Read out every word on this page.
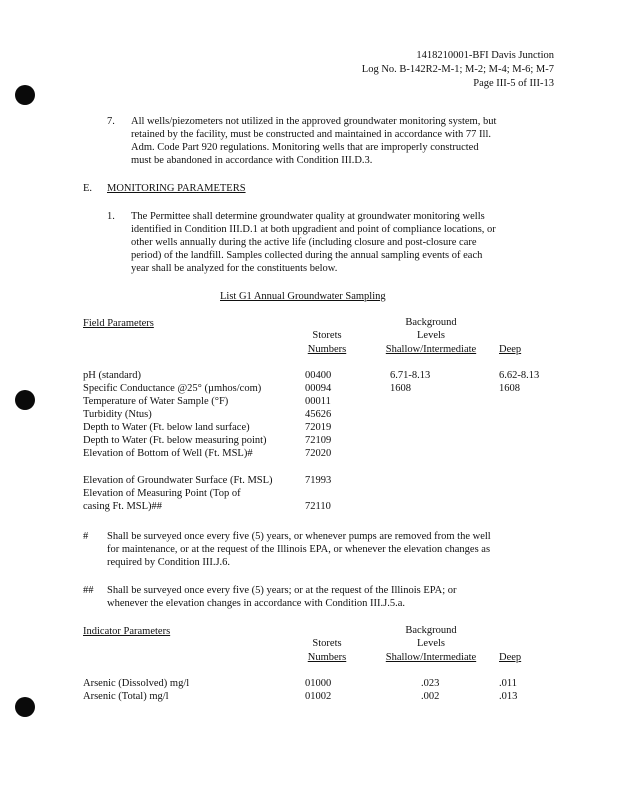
1418210001-BFI Davis Junction
Log No. B-142R2-M-1; M-2; M-4; M-6; M-7
Page III-5 of III-13
7. All wells/piezometers not utilized in the approved groundwater monitoring system, but
retained by the facility, must be constructed and maintained in accordance with 77 Ill.
Adm. Code Part 920 regulations. Monitoring wells that are improperly constructed
must be abandoned in accordance with Condition III.D.3.
E. MONITORING PARAMETERS
1. The Permittee shall determine groundwater quality at groundwater monitoring wells
identified in Condition III.D.1 at both upgradient and point of compliance locations, or
other wells annually during the active life (including closure and post-closure care
period) of the landfill. Samples collected during the annual sampling events of each
year shall be analyzed for the constituents below.
List G1 Annual Groundwater Sampling
Field Parameters
Storets
Numbers
Background
Levels
Shallow/Intermediate	Deep
pH (standard)	00400	6.71-8.13	6.62-8.13
Specific Conductance @25° (µmhos/com)	00094	1608	1608
Temperature of Water Sample (°F)	00011
Turbidity (Ntus)	45626
Depth to Water (Ft. below land surface)	72019
Depth to Water (Ft. below measuring point)	72109
Elevation of Bottom of Well (Ft. MSL)#	72020
Elevation of Groundwater Surface (Ft. MSL)	71993
Elevation of Measuring Point (Top of
casing Ft. MSL)##	72110
# Shall be surveyed once every five (5) years, or whenever pumps are removed from the well
for maintenance, or at the request of the Illinois EPA, or whenever the elevation changes as
required by Condition III.J.6.
## Shall be surveyed once every five (5) years; or at the request of the Illinois EPA; or
whenever the elevation changes in accordance with Condition III.J.5.a.
Indicator Parameters
Storets
Numbers
Background
Levels
Shallow/Intermediate	Deep
Arsenic (Dissolved) mg/l	01000	.023	.011
Arsenic (Total) mg/l	01002	.002	.013
